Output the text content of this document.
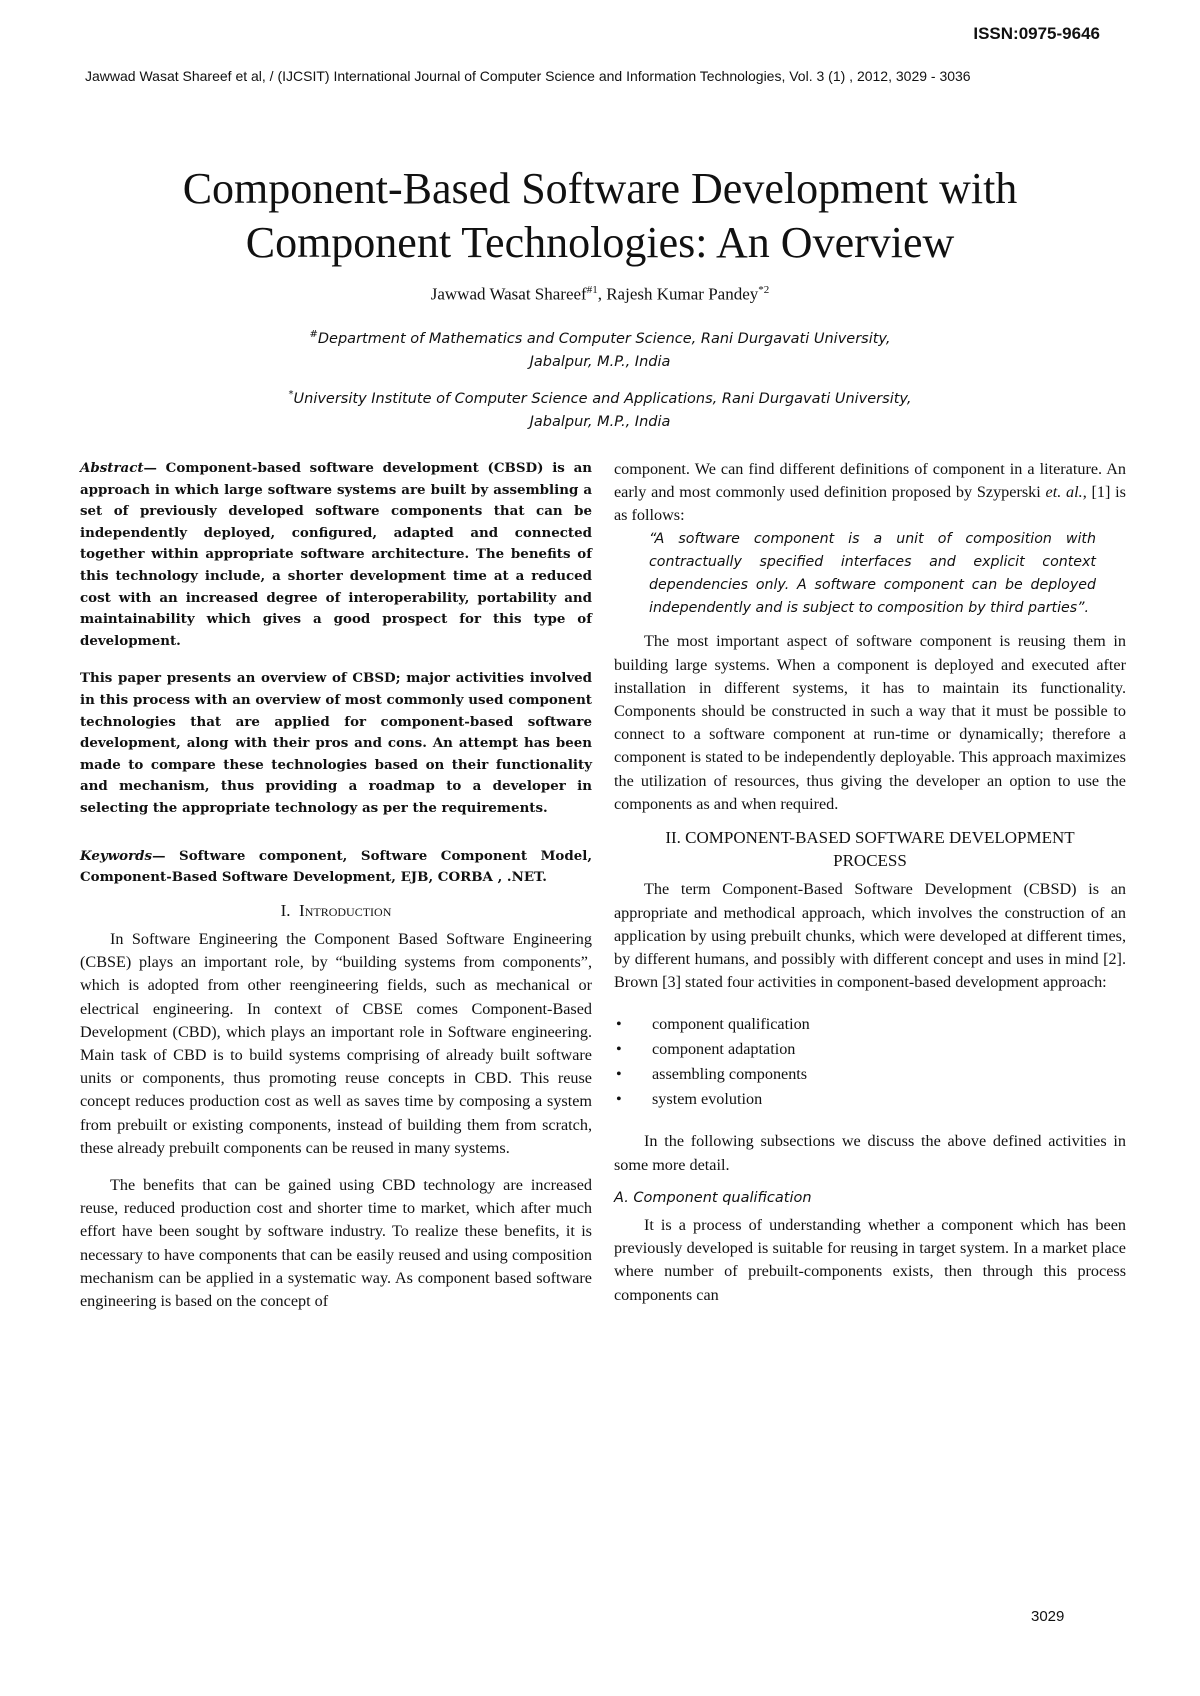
ISSN:0975-9646
Jawwad Wasat Shareef et al, / (IJCSIT) International Journal of Computer Science and Information Technologies, Vol. 3 (1) , 2012, 3029 - 3036
Component-Based Software Development with
Component Technologies: An Overview
Jawwad Wasat Shareef$^{\#1}$, Rajesh Kumar Pandey$^{*2}$
#Department of Mathematics and Computer Science, Rani Durgavati University,
Jabalpur, M.P., India
*University Institute of Computer Science and Applications, Rani Durgavati University,
Jabalpur, M.P., India

Abstract— Component-based software development (CBSD) is an approach in which large software systems are built by assembling a set of previously developed software components that can be independently deployed, configured, adapted and connected together within appropriate software architecture. The benefits of this technology include, a shorter development time at a reduced cost with an increased degree of interoperability, portability and maintainability which gives a good prospect for this type of development.

This paper presents an overview of CBSD; major activities involved in this process with an overview of most commonly used component technologies that are applied for component-based software development, along with their pros and cons. An attempt has been made to compare these technologies based on their functionality and mechanism, thus providing a roadmap to a developer in selecting the appropriate technology as per the requirements.

Keywords— Software component, Software Component Model, Component-Based Software Development, EJB, CORBA , .NET.

I. Introduction

In Software Engineering the Component Based Software Engineering (CBSE) plays an important role, by “building systems from components”, which is adopted from other reengineering fields, such as mechanical or electrical engineering. In context of CBSE comes Component-Based Development (CBD), which plays an important role in Software engineering. Main task of CBD is to build systems comprising of already built software units or components, thus promoting reuse concepts in CBD. This reuse concept reduces production cost as well as saves time by composing a system from prebuilt or existing components, instead of building them from scratch, these already prebuilt components can be reused in many systems.

The benefits that can be gained using CBD technology are increased reuse, reduced production cost and shorter time to market, which after much effort have been sought by software industry. To realize these benefits, it is necessary to have components that can be easily reused and using composition mechanism can be applied in a systematic way. As component based software engineering is based on the concept of

component. We can find different definitions of component in a literature. An early and most commonly used definition proposed by Szyperski et. al., [1] is as follows:

“A software component is a unit of composition with contractually specified interfaces and explicit context dependencies only. A software component can be deployed independently and is subject to composition by third parties”.

The most important aspect of software component is reusing them in building large systems. When a component is deployed and executed after installation in different systems, it has to maintain its functionality. Components should be constructed in such a way that it must be possible to connect to a software component at run-time or dynamically; therefore a component is stated to be independently deployable. This approach maximizes the utilization of resources, thus giving the developer an option to use the components as and when required.

II. COMPONENT-BASED SOFTWARE DEVELOPMENT
PROCESS

The term Component-Based Software Development (CBSD) is an appropriate and methodical approach, which involves the construction of an application by using prebuilt chunks, which were developed at different times, by different humans, and possibly with different concept and uses in mind [2]. Brown [3] stated four activities in component-based development approach:

• component qualification
• component adaptation
• assembling components
• system evolution

In the following subsections we discuss the above defined activities in some more detail.

A. Component qualification

It is a process of understanding whether a component which has been previously developed is suitable for reusing in target system. In a market place where number of prebuilt-components exists, then through this process components can

3029
